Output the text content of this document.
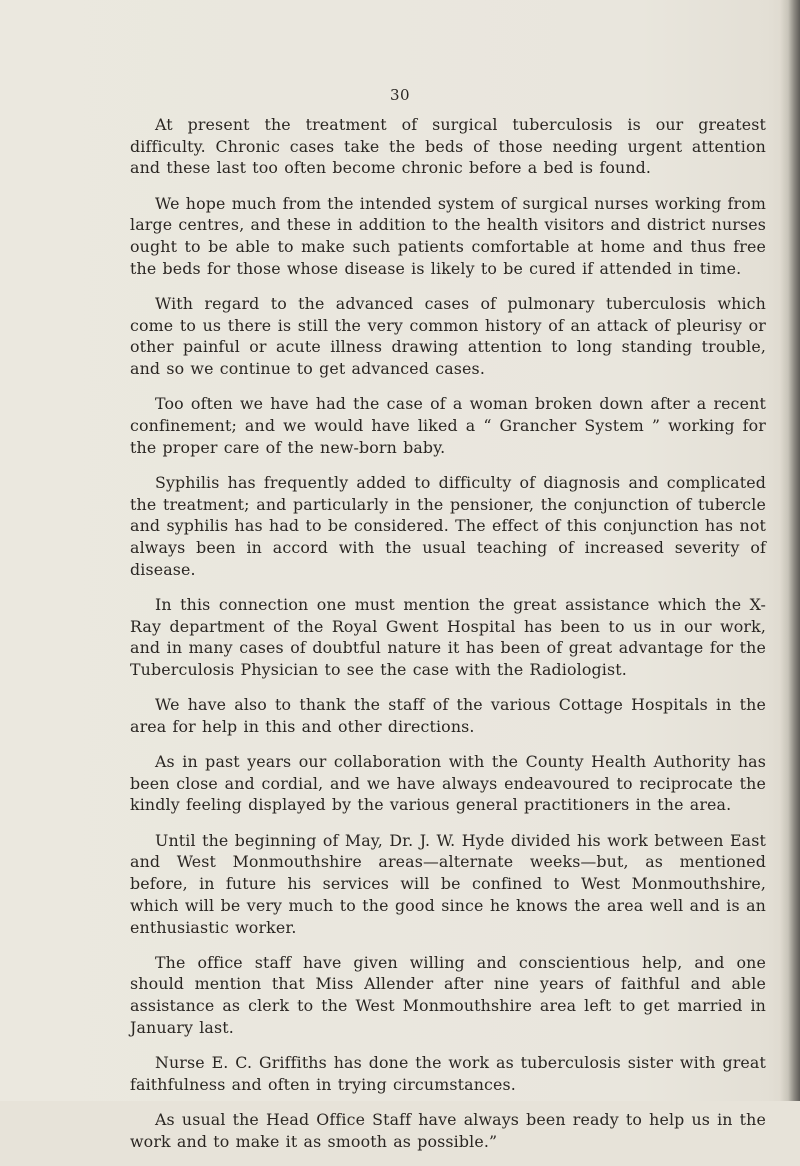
30

At present the treatment of surgical tuberculosis is our greatest difficulty. Chronic cases take the beds of those needing urgent attention and these last too often become chronic before a bed is found.

We hope much from the intended system of surgical nurses working from large centres, and these in addition to the health visitors and district nurses ought to be able to make such patients comfortable at home and thus free the beds for those whose disease is likely to be cured if attended in time.

With regard to the advanced cases of pulmonary tuberculosis which come to us there is still the very common history of an attack of pleurisy or other painful or acute illness drawing attention to long standing trouble, and so we continue to get advanced cases.

Too often we have had the case of a woman broken down after a recent confinement; and we would have liked a “ Grancher System ” working for the proper care of the new-born baby.

Syphilis has frequently added to difficulty of diagnosis and complicated the treatment; and particularly in the pensioner, the conjunction of tubercle and syphilis has had to be considered. The effect of this conjunction has not always been in accord with the usual teaching of increased severity of disease.

In this connection one must mention the great assistance which the X-Ray department of the Royal Gwent Hospital has been to us in our work, and in many cases of doubtful nature it has been of great advantage for the Tuberculosis Physician to see the case with the Radiologist.

We have also to thank the staff of the various Cottage Hospitals in the area for help in this and other directions.

As in past years our collaboration with the County Health Authority has been close and cordial, and we have always endeavoured to reciprocate the kindly feeling displayed by the various general practitioners in the area.

Until the beginning of May, Dr. J. W. Hyde divided his work between East and West Monmouthshire areas—alternate weeks—but, as mentioned before, in future his services will be confined to West Monmouthshire, which will be very much to the good since he knows the area well and is an enthusiastic worker.

The office staff have given willing and conscientious help, and one should mention that Miss Allender after nine years of faithful and able assistance as clerk to the West Monmouthshire area left to get married in January last.

Nurse E. C. Griffiths has done the work as tuberculosis sister with great faithfulness and often in trying circumstances.

As usual the Head Office Staff have always been ready to help us in the work and to make it as smooth as possible.”
